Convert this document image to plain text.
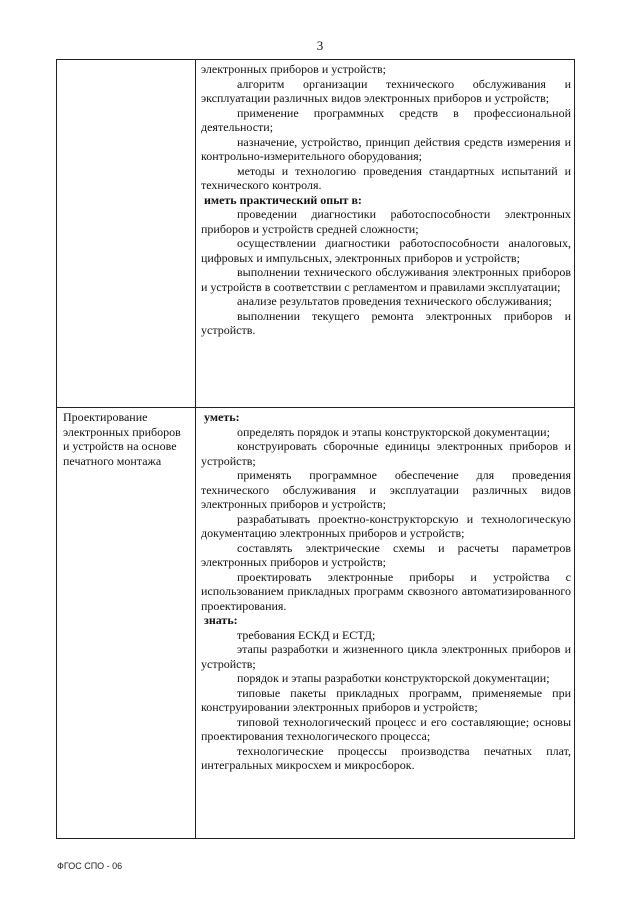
3

электронных приборов и устройств;

алгоритм организации технического обслуживания и эксплуатации различных видов электронных приборов и устройств;

применение программных средств в профессиональной деятельности;

назначение, устройство, принцип действия средств измерения и контрольно-измерительного оборудования;

методы и технологию проведения стандартных испытаний и технического контроля.

иметь практический опыт в:

проведении диагностики работоспособности электронных приборов и устройств средней сложности;

осуществлении диагностики работоспособности аналоговых, цифровых и импульсных, электронных приборов и устройств;

выполнении технического обслуживания электронных приборов и устройств в соответствии с регламентом и правилами эксплуатации;

анализе результатов проведения технического обслуживания;

выполнении текущего ремонта электронных приборов и устройств.

Проектирование электронных приборов и устройств на основе печатного монтажа

уметь:

определять порядок и этапы конструкторской документации;

конструировать сборочные единицы электронных приборов и устройств;

применять программное обеспечение для проведения технического обслуживания и эксплуатации различных видов электронных приборов и устройств;

разрабатывать проектно-конструкторскую и технологическую документацию электронных приборов и устройств;

составлять электрические схемы и расчеты параметров электронных приборов и устройств;

проектировать электронные приборы и устройства с использованием прикладных программ сквозного автоматизированного проектирования.

знать:

требования ЕСКД и ЕСТД;

этапы разработки и жизненного цикла электронных приборов и устройств;

порядок и этапы разработки конструкторской документации;

типовые пакеты прикладных программ, применяемые при конструировании электронных приборов и устройств;

типовой технологический процесс и его составляющие; основы проектирования технологического процесса;

технологические процессы производства печатных плат, интегральных микросхем и микросборок.

ФГОС СПО - 06
